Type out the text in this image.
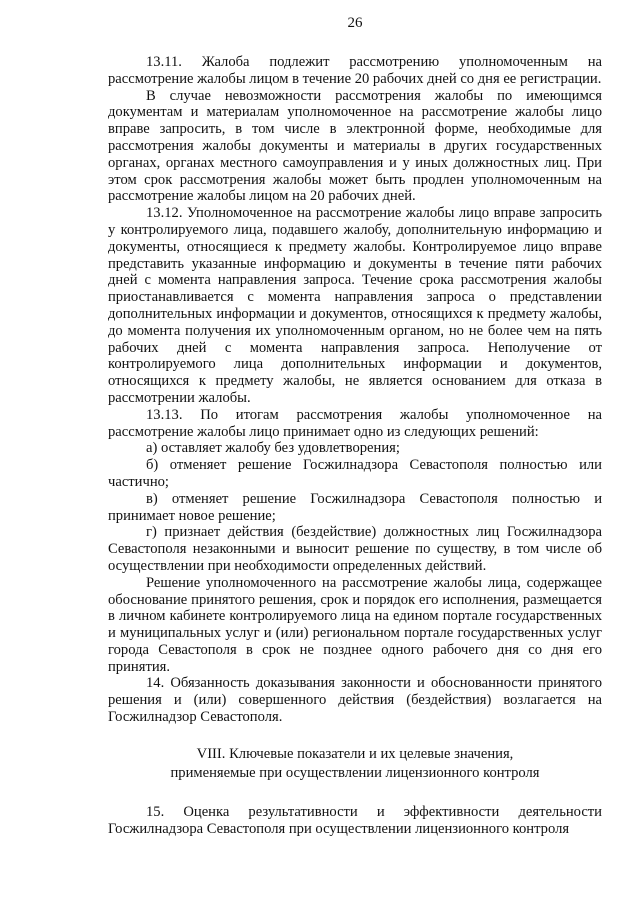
26

13.11. Жалоба подлежит рассмотрению уполномоченным на рассмотрение жалобы лицом в течение 20 рабочих дней со дня ее регистрации.

В случае невозможности рассмотрения жалобы по имеющимся документам и материалам уполномоченное на рассмотрение жалобы лицо вправе запросить, в том числе в электронной форме, необходимые для рассмотрения жалобы документы и материалы в других государственных органах, органах местного самоуправления и у иных должностных лиц. При этом срок рассмотрения жалобы может быть продлен уполномоченным на рассмотрение жалобы лицом на 20 рабочих дней.

13.12. Уполномоченное на рассмотрение жалобы лицо вправе запросить у контролируемого лица, подавшего жалобу, дополнительную информацию и документы, относящиеся к предмету жалобы. Контролируемое лицо вправе представить указанные информацию и документы в течение пяти рабочих дней с момента направления запроса. Течение срока рассмотрения жалобы приостанавливается с момента направления запроса о представлении дополнительных информации и документов, относящихся к предмету жалобы, до момента получения их уполномоченным органом, но не более чем на пять рабочих дней с момента направления запроса. Неполучение от контролируемого лица дополнительных информации и документов, относящихся к предмету жалобы, не является основанием для отказа в рассмотрении жалобы.

13.13. По итогам рассмотрения жалобы уполномоченное на рассмотрение жалобы лицо принимает одно из следующих решений:

а) оставляет жалобу без удовлетворения;

б) отменяет решение Госжилнадзора Севастополя полностью или частично;

в) отменяет решение Госжилнадзора Севастополя полностью и принимает новое решение;

г) признает действия (бездействие) должностных лиц Госжилнадзора Севастополя незаконными и выносит решение по существу, в том числе об осуществлении при необходимости определенных действий.

Решение уполномоченного на рассмотрение жалобы лица, содержащее обоснование принятого решения, срок и порядок его исполнения, размещается в личном кабинете контролируемого лица на едином портале государственных и муниципальных услуг и (или) региональном портале государственных услуг города Севастополя в срок не позднее одного рабочего дня со дня его принятия.

14. Обязанность доказывания законности и обоснованности принятого решения и (или) совершенного действия (бездействия) возлагается на Госжилнадзор Севастополя.

VIII. Ключевые показатели и их целевые значения,
применяемые при осуществлении лицензионного контроля

15. Оценка результативности и эффективности деятельности Госжилнадзора Севастополя при осуществлении лицензионного контроля
